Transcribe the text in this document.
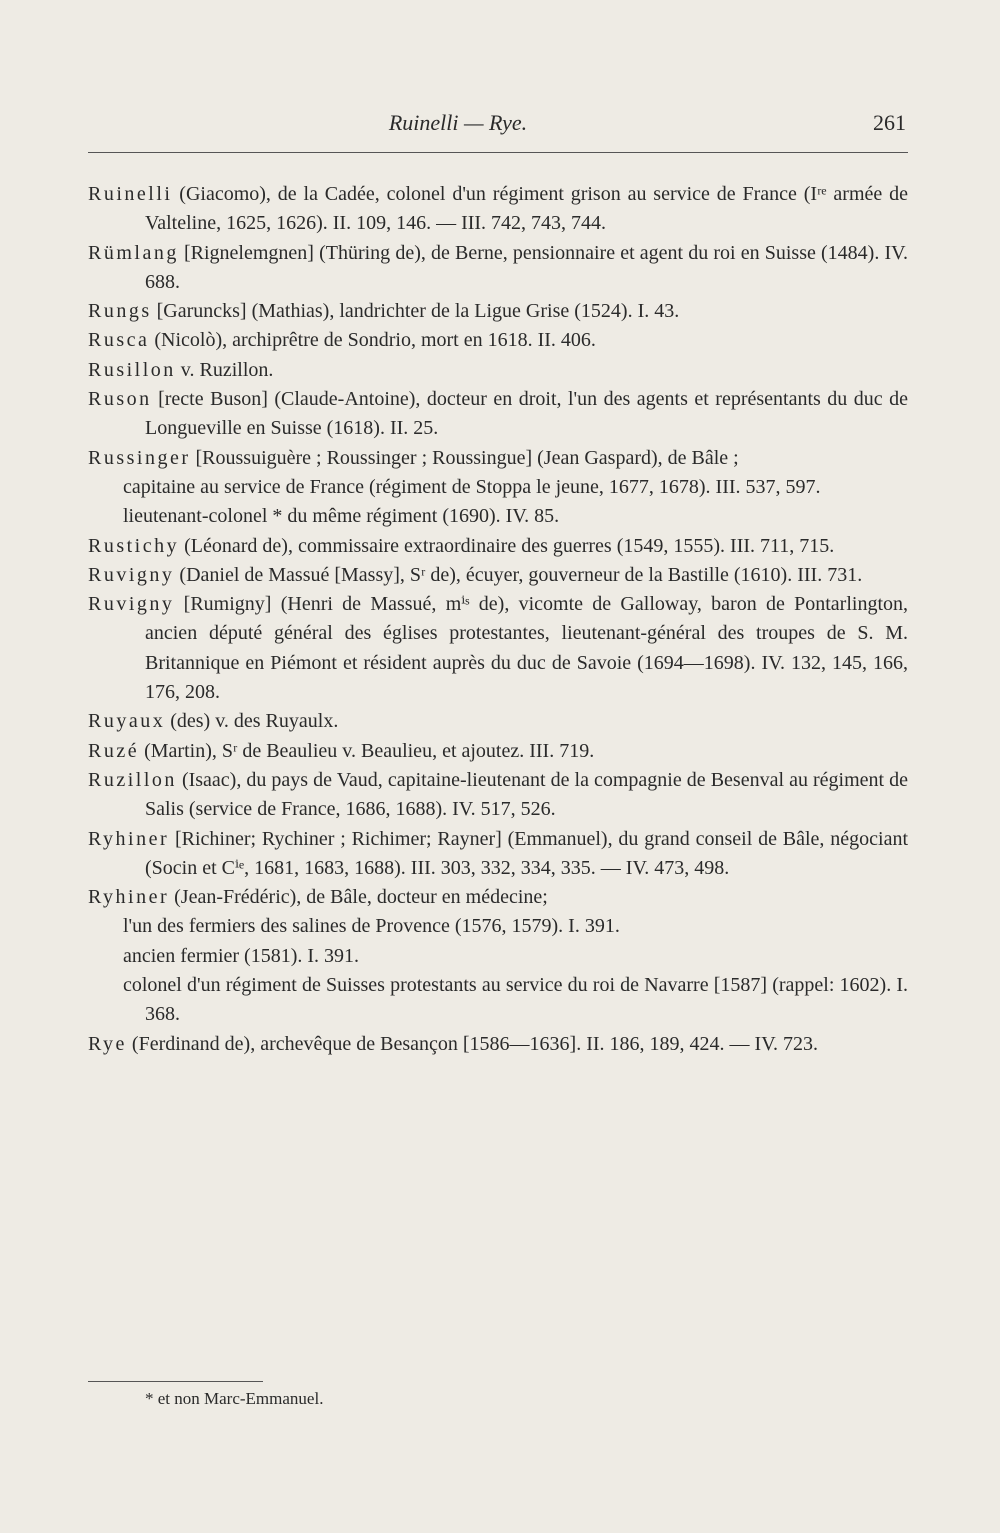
Ruinelli — Rye.	261

Ruinelli (Giacomo), de la Cadée, colonel d'un régiment grison au service de France (Iʳᵉ armée de Valteline, 1625, 1626). II. 109, 146. — III. 742, 743, 744.

Rümlang [Rignelemgnen] (Thüring de), de Berne, pensionnaire et agent du roi en Suisse (1484). IV. 688.

Rungs [Garuncks] (Mathias), landrichter de la Ligue Grise (1524). I. 43.

Rusca (Nicolò), archiprêtre de Sondrio, mort en 1618. II. 406.

Rusillon v. Ruzillon.

Ruson [recte Buson] (Claude-Antoine), docteur en droit, l'un des agents et représentants du duc de Longueville en Suisse (1618). II. 25.

Russinger [Roussuiguère ; Roussinger ; Roussingue] (Jean Gaspard), de Bâle ;

capitaine au service de France (régiment de Stoppa le jeune, 1677, 1678). III. 537, 597.

lieutenant-colonel * du même régiment (1690). IV. 85.

Rustichy (Léonard de), commissaire extraordinaire des guerres (1549, 1555). III. 711, 715.

Ruvigny (Daniel de Massué [Massy], Sʳ de), écuyer, gouverneur de la Bastille (1610). III. 731.

Ruvigny [Rumigny] (Henri de Massué, mⁱˢ de), vicomte de Galloway, baron de Pontarlington, ancien député général des églises protestantes, lieutenant-général des troupes de S. M. Britannique en Piémont et résident auprès du duc de Savoie (1694—1698). IV. 132, 145, 166, 176, 208.

Ruyaux (des) v. des Ruyaulx.

Ruzé (Martin), Sʳ de Beaulieu v. Beaulieu, et ajoutez. III. 719.

Ruzillon (Isaac), du pays de Vaud, capitaine-lieutenant de la compagnie de Besenval au régiment de Salis (service de France, 1686, 1688). IV. 517, 526.

Ryhiner [Richiner; Rychiner ; Richimer; Rayner] (Emmanuel), du grand conseil de Bâle, négociant (Socin et Cⁱᵉ, 1681, 1683, 1688). III. 303, 332, 334, 335. — IV. 473, 498.

Ryhiner (Jean-Frédéric), de Bâle, docteur en médecine;

l'un des fermiers des salines de Provence (1576, 1579). I. 391.

ancien fermier (1581). I. 391.

colonel d'un régiment de Suisses protestants au service du roi de Navarre [1587] (rappel: 1602). I. 368.

Rye (Ferdinand de), archevêque de Besançon [1586—1636]. II. 186, 189, 424. — IV. 723.

* et non Marc-Emmanuel.
